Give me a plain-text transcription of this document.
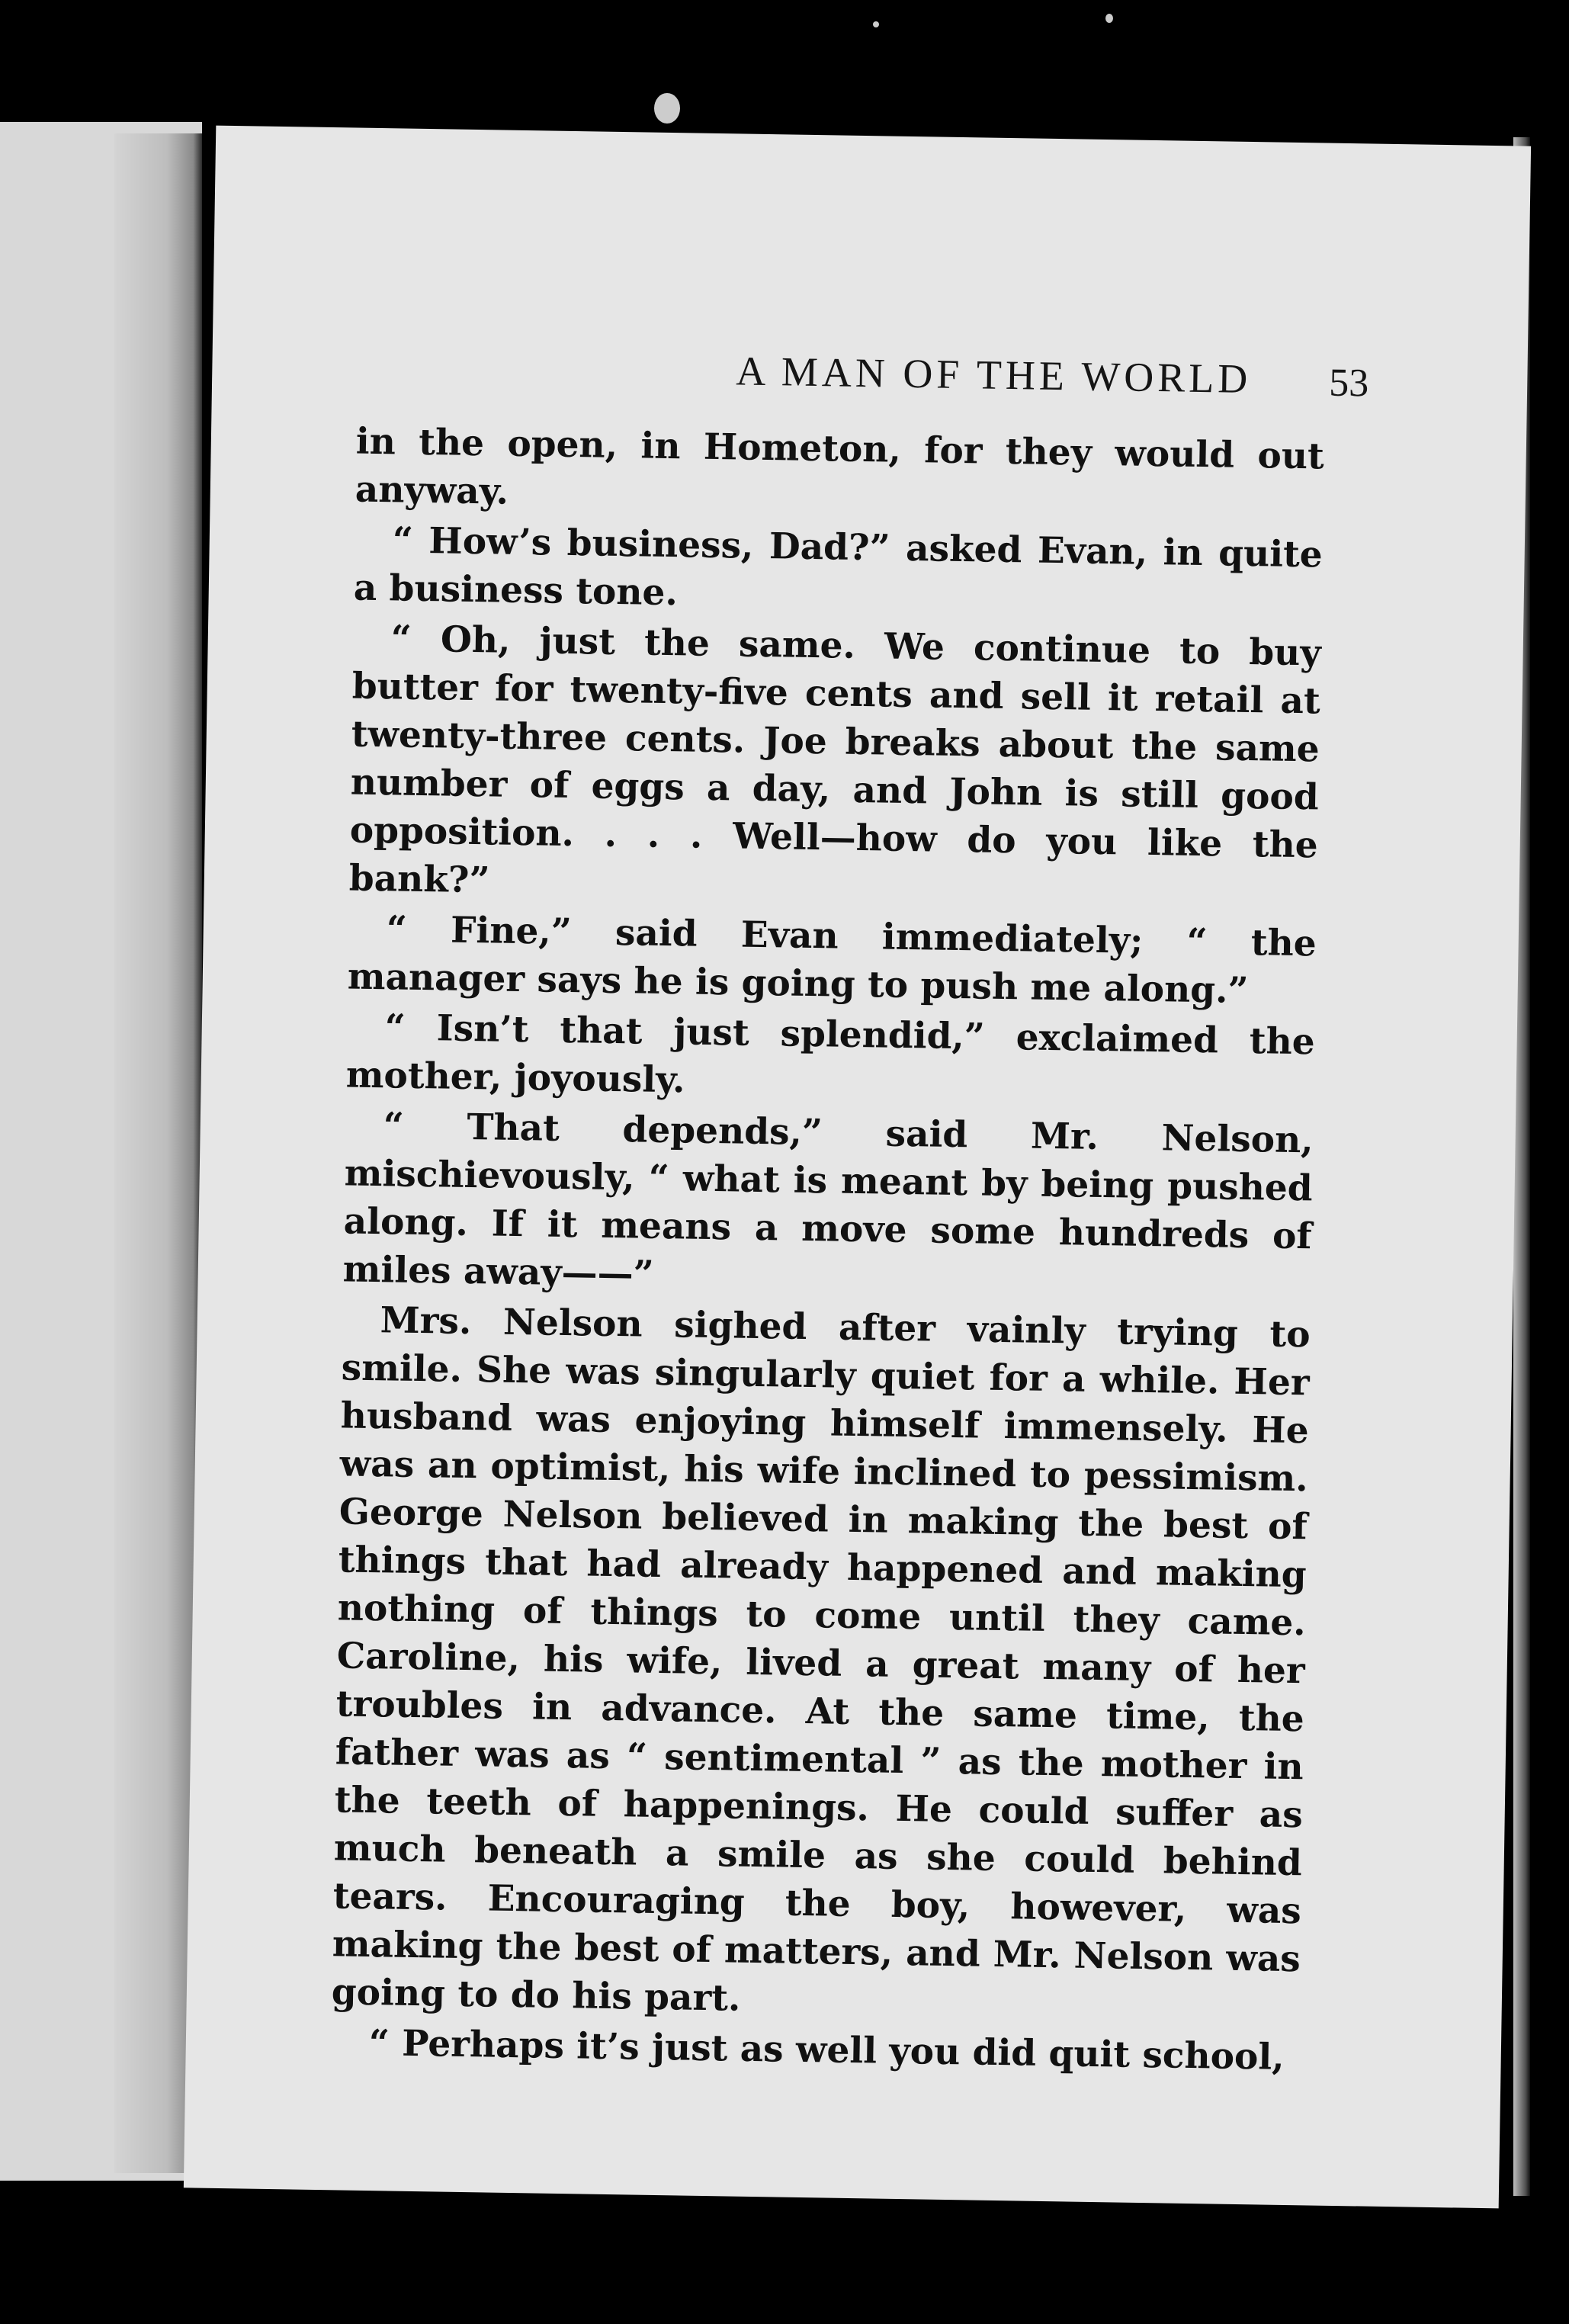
A MAN OF THE WORLD	53

in the open, in Hometon, for they would out anyway.

“ How’s business, Dad?” asked Evan, in quite a business tone.

“ Oh, just the same. We continue to buy butter for twenty-five cents and sell it retail at twenty-three cents. Joe breaks about the same number of eggs a day, and John is still good opposition. . . . Well—how do you like the bank?”

“ Fine,” said Evan immediately; “ the manager says he is going to push me along.”

“ Isn’t that just splendid,” exclaimed the mother, joyously.

“ That depends,” said Mr. Nelson, mischievously, “ what is meant by being pushed along. If it means a move some hundreds of miles away——”

Mrs. Nelson sighed after vainly trying to smile. She was singularly quiet for a while. Her husband was enjoying himself immensely. He was an optimist, his wife inclined to pessimism. George Nelson believed in making the best of things that had already happened and making nothing of things to come until they came. Caroline, his wife, lived a great many of her troubles in advance. At the same time, the father was as “ sentimental ” as the mother in the teeth of happenings. He could suffer as much beneath a smile as she could behind tears. Encouraging the boy, however, was making the best of matters, and Mr. Nelson was going to do his part.

“ Perhaps it’s just as well you did quit school,
